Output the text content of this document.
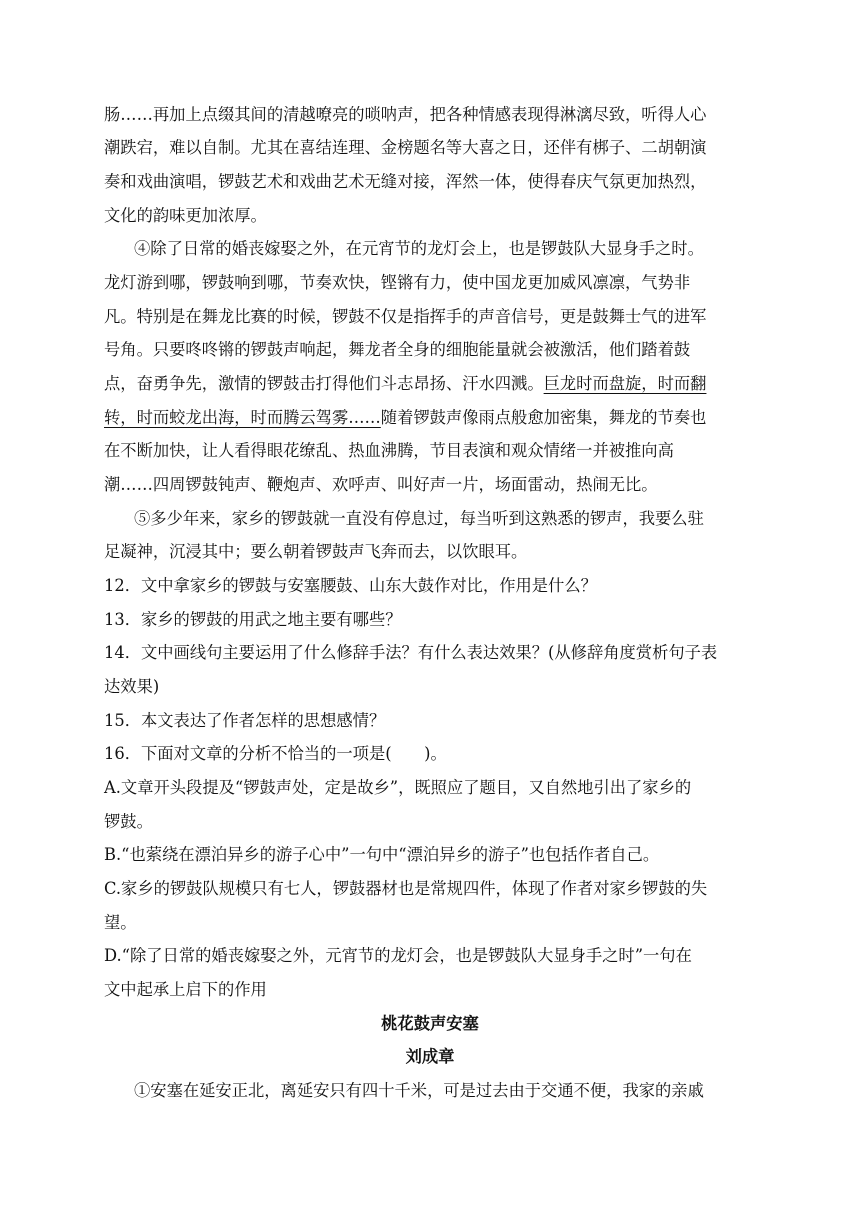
肠……再加上点缀其间的清越嘹亮的唢呐声，把各种情感表现得淋漓尽致，听得人心
潮跌宕，难以自制。尤其在喜结连理、金榜题名等大喜之日，还伴有梆子、二胡朝演
奏和戏曲演唱，锣鼓艺术和戏曲艺术无缝对接，浑然一体，使得春庆气氛更加热烈，
文化的韵味更加浓厚。
④除了日常的婚丧嫁娶之外，在元宵节的龙灯会上，也是锣鼓队大显身手之时。
龙灯游到哪，锣鼓响到哪，节奏欢快，铿锵有力，使中国龙更加威风凛凛，气势非
凡。特别是在舞龙比赛的时候，锣鼓不仅是指挥手的声音信号，更是鼓舞士气的进军
号角。只要咚咚锵的锣鼓声响起，舞龙者全身的细胞能量就会被激活，他们踏着鼓
点，奋勇争先，激情的锣鼓击打得他们斗志昂扬、汗水四溅。巨龙时而盘旋，时而翻
转，时而蛟龙出海，时而腾云驾雾……随着锣鼓声像雨点般愈加密集，舞龙的节奏也
在不断加快，让人看得眼花缭乱、热血沸腾，节目表演和观众情绪一并被推向高
潮……四周锣鼓钝声、鞭炮声、欢呼声、叫好声一片，场面雷动，热闹无比。
⑤多少年来，家乡的锣鼓就一直没有停息过，每当听到这熟悉的锣声，我要么驻
足凝神，沉浸其中；要么朝着锣鼓声飞奔而去，以饮眼耳。
12．文中拿家乡的锣鼓与安塞腰鼓、山东大鼓作对比，作用是什么？
13．家乡的锣鼓的用武之地主要有哪些？
14．文中画线句主要运用了什么修辞手法？有什么表达效果？(从修辞角度赏析句子表
达效果)
15．本文表达了作者怎样的思想感情？
16．下面对文章的分析不恰当的一项是(　　)。
A.文章开头段提及“锣鼓声处，定是故乡”，既照应了题目，又自然地引出了家乡的
锣鼓。
B.“也萦绕在漂泊异乡的游子心中”一句中“漂泊异乡的游子”也包括作者自己。
C.家乡的锣鼓队规模只有七人，锣鼓器材也是常规四件，体现了作者对家乡锣鼓的失
望。
D.“除了日常的婚丧嫁娶之外，元宵节的龙灯会，也是锣鼓队大显身手之时”一句在
文中起承上启下的作用
桃花鼓声安塞
刘成章
①安塞在延安正北，离延安只有四十千米，可是过去由于交通不便，我家的亲戚
